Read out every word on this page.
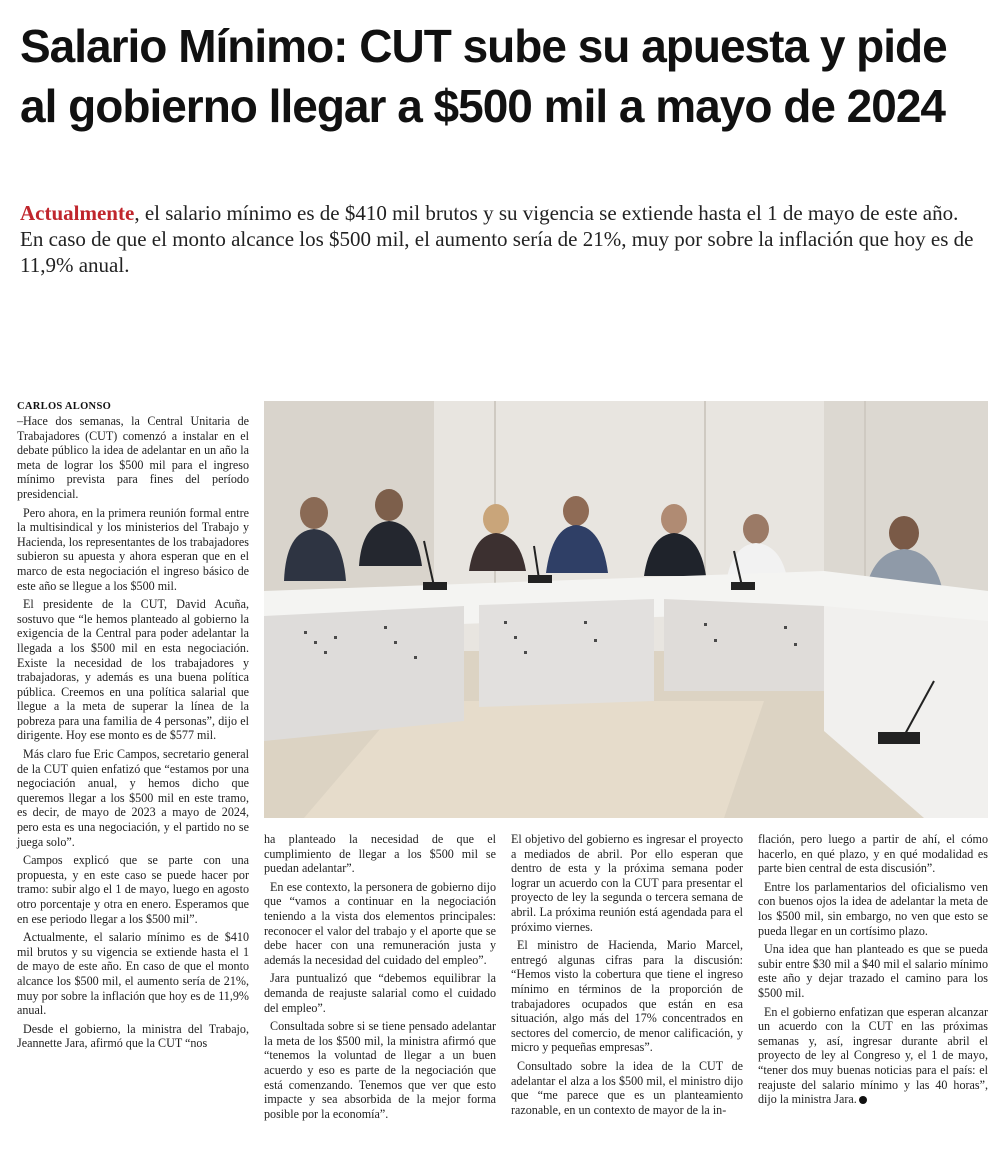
Salario Mínimo: CUT sube su apuesta y pide al gobierno llegar a $500 mil a mayo de 2024

Actualmente, el salario mínimo es de $410 mil brutos y su vigencia se extiende hasta el 1 de mayo de este año. En caso de que el monto alcance los $500 mil, el aumento sería de 21%, muy por sobre la inflación que hoy es de 11,9% anual.

CARLOS ALONSO

–Hace dos semanas, la Central Unitaria de Trabajadores (CUT) comenzó a instalar en el debate público la idea de adelantar en un año la meta de lograr los $500 mil para el ingreso mínimo prevista para fines del período presidencial.

Pero ahora, en la primera reunión formal entre la multisindical y los ministerios del Trabajo y Hacienda, los representantes de los trabajadores subieron su apuesta y ahora esperan que en el marco de esta negociación el ingreso básico de este año se llegue a los $500 mil.

El presidente de la CUT, David Acuña, sostuvo que “le hemos planteado al gobierno la exigencia de la Central para poder adelantar la llegada a los $500 mil en esta negociación. Existe la necesidad de los trabajadores y trabajadoras, y además es una buena política pública. Creemos en una política salarial que llegue a la meta de superar la línea de la pobreza para una familia de 4 personas”, dijo el dirigente. Hoy ese monto es de $577 mil.

Más claro fue Eric Campos, secretario general de la CUT quien enfatizó que “estamos por una negociación anual, y hemos dicho que queremos llegar a los $500 mil en este tramo, es decir, de mayo de 2023 a mayo de 2024, pero esta es una negociación, y el partido no se juega solo”.

Campos explicó que se parte con una propuesta, y en este caso se puede hacer por tramo: subir algo el 1 de mayo, luego en agosto otro porcentaje y otra en enero. Esperamos que en ese periodo llegar a los $500 mil”.

Actualmente, el salario mínimo es de $410 mil brutos y su vigencia se extiende hasta el 1 de mayo de este año. En caso de que el monto alcance los $500 mil, el aumento sería de 21%, muy por sobre la inflación que hoy es de 11,9% anual.

Desde el gobierno, la ministra del Trabajo, Jeannette Jara, afirmó que la CUT “nos

ha planteado la necesidad de que el cumplimiento de llegar a los $500 mil se puedan adelantar”.

En ese contexto, la personera de gobierno dijo que “vamos a continuar en la negociación teniendo a la vista dos elementos principales: reconocer el valor del trabajo y el aporte que se debe hacer con una remuneración justa y además la necesidad del cuidado del empleo”.

Jara puntualizó que “debemos equilibrar la demanda de reajuste salarial como el cuidado del empleo”.

Consultada sobre si se tiene pensado adelantar la meta de los $500 mil, la ministra afirmó que “tenemos la voluntad de llegar a un buen acuerdo y eso es parte de la negociación que está comenzando. Tenemos que ver que esto impacte y sea absorbida de la mejor forma posible por la economía”.

El objetivo del gobierno es ingresar el proyecto a mediados de abril. Por ello esperan que dentro de esta y la próxima semana poder lograr un acuerdo con la CUT para presentar el proyecto de ley la segunda o tercera semana de abril. La próxima reunión está agendada para el próximo viernes.

El ministro de Hacienda, Mario Marcel, entregó algunas cifras para la discusión: “Hemos visto la cobertura que tiene el ingreso mínimo en términos de la proporción de trabajadores ocupados que están en esa situación, algo más del 17% concentrados en sectores del comercio, de menor calificación, y micro y pequeñas empresas”.

Consultado sobre la idea de la CUT de adelantar el alza a los $500 mil, el ministro dijo que “me parece que es un planteamiento razonable, en un contexto de mayor de la in-

flación, pero luego a partir de ahí, el cómo hacerlo, en qué plazo, y en qué modalidad es parte bien central de esta discusión”.

Entre los parlamentarios del oficialismo ven con buenos ojos la idea de adelantar la meta de los $500 mil, sin embargo, no ven que esto se pueda llegar en un cortísimo plazo.

Una idea que han planteado es que se pueda subir entre $30 mil a $40 mil el salario mínimo este año y dejar trazado el camino para los $500 mil.

En el gobierno enfatizan que esperan alcanzar un acuerdo con la CUT en las próximas semanas y, así, ingresar durante abril el proyecto de ley al Congreso y, el 1 de mayo, “tener dos muy buenas noticias para el país: el reajuste del salario mínimo y las 40 horas”, dijo la ministra Jara.
